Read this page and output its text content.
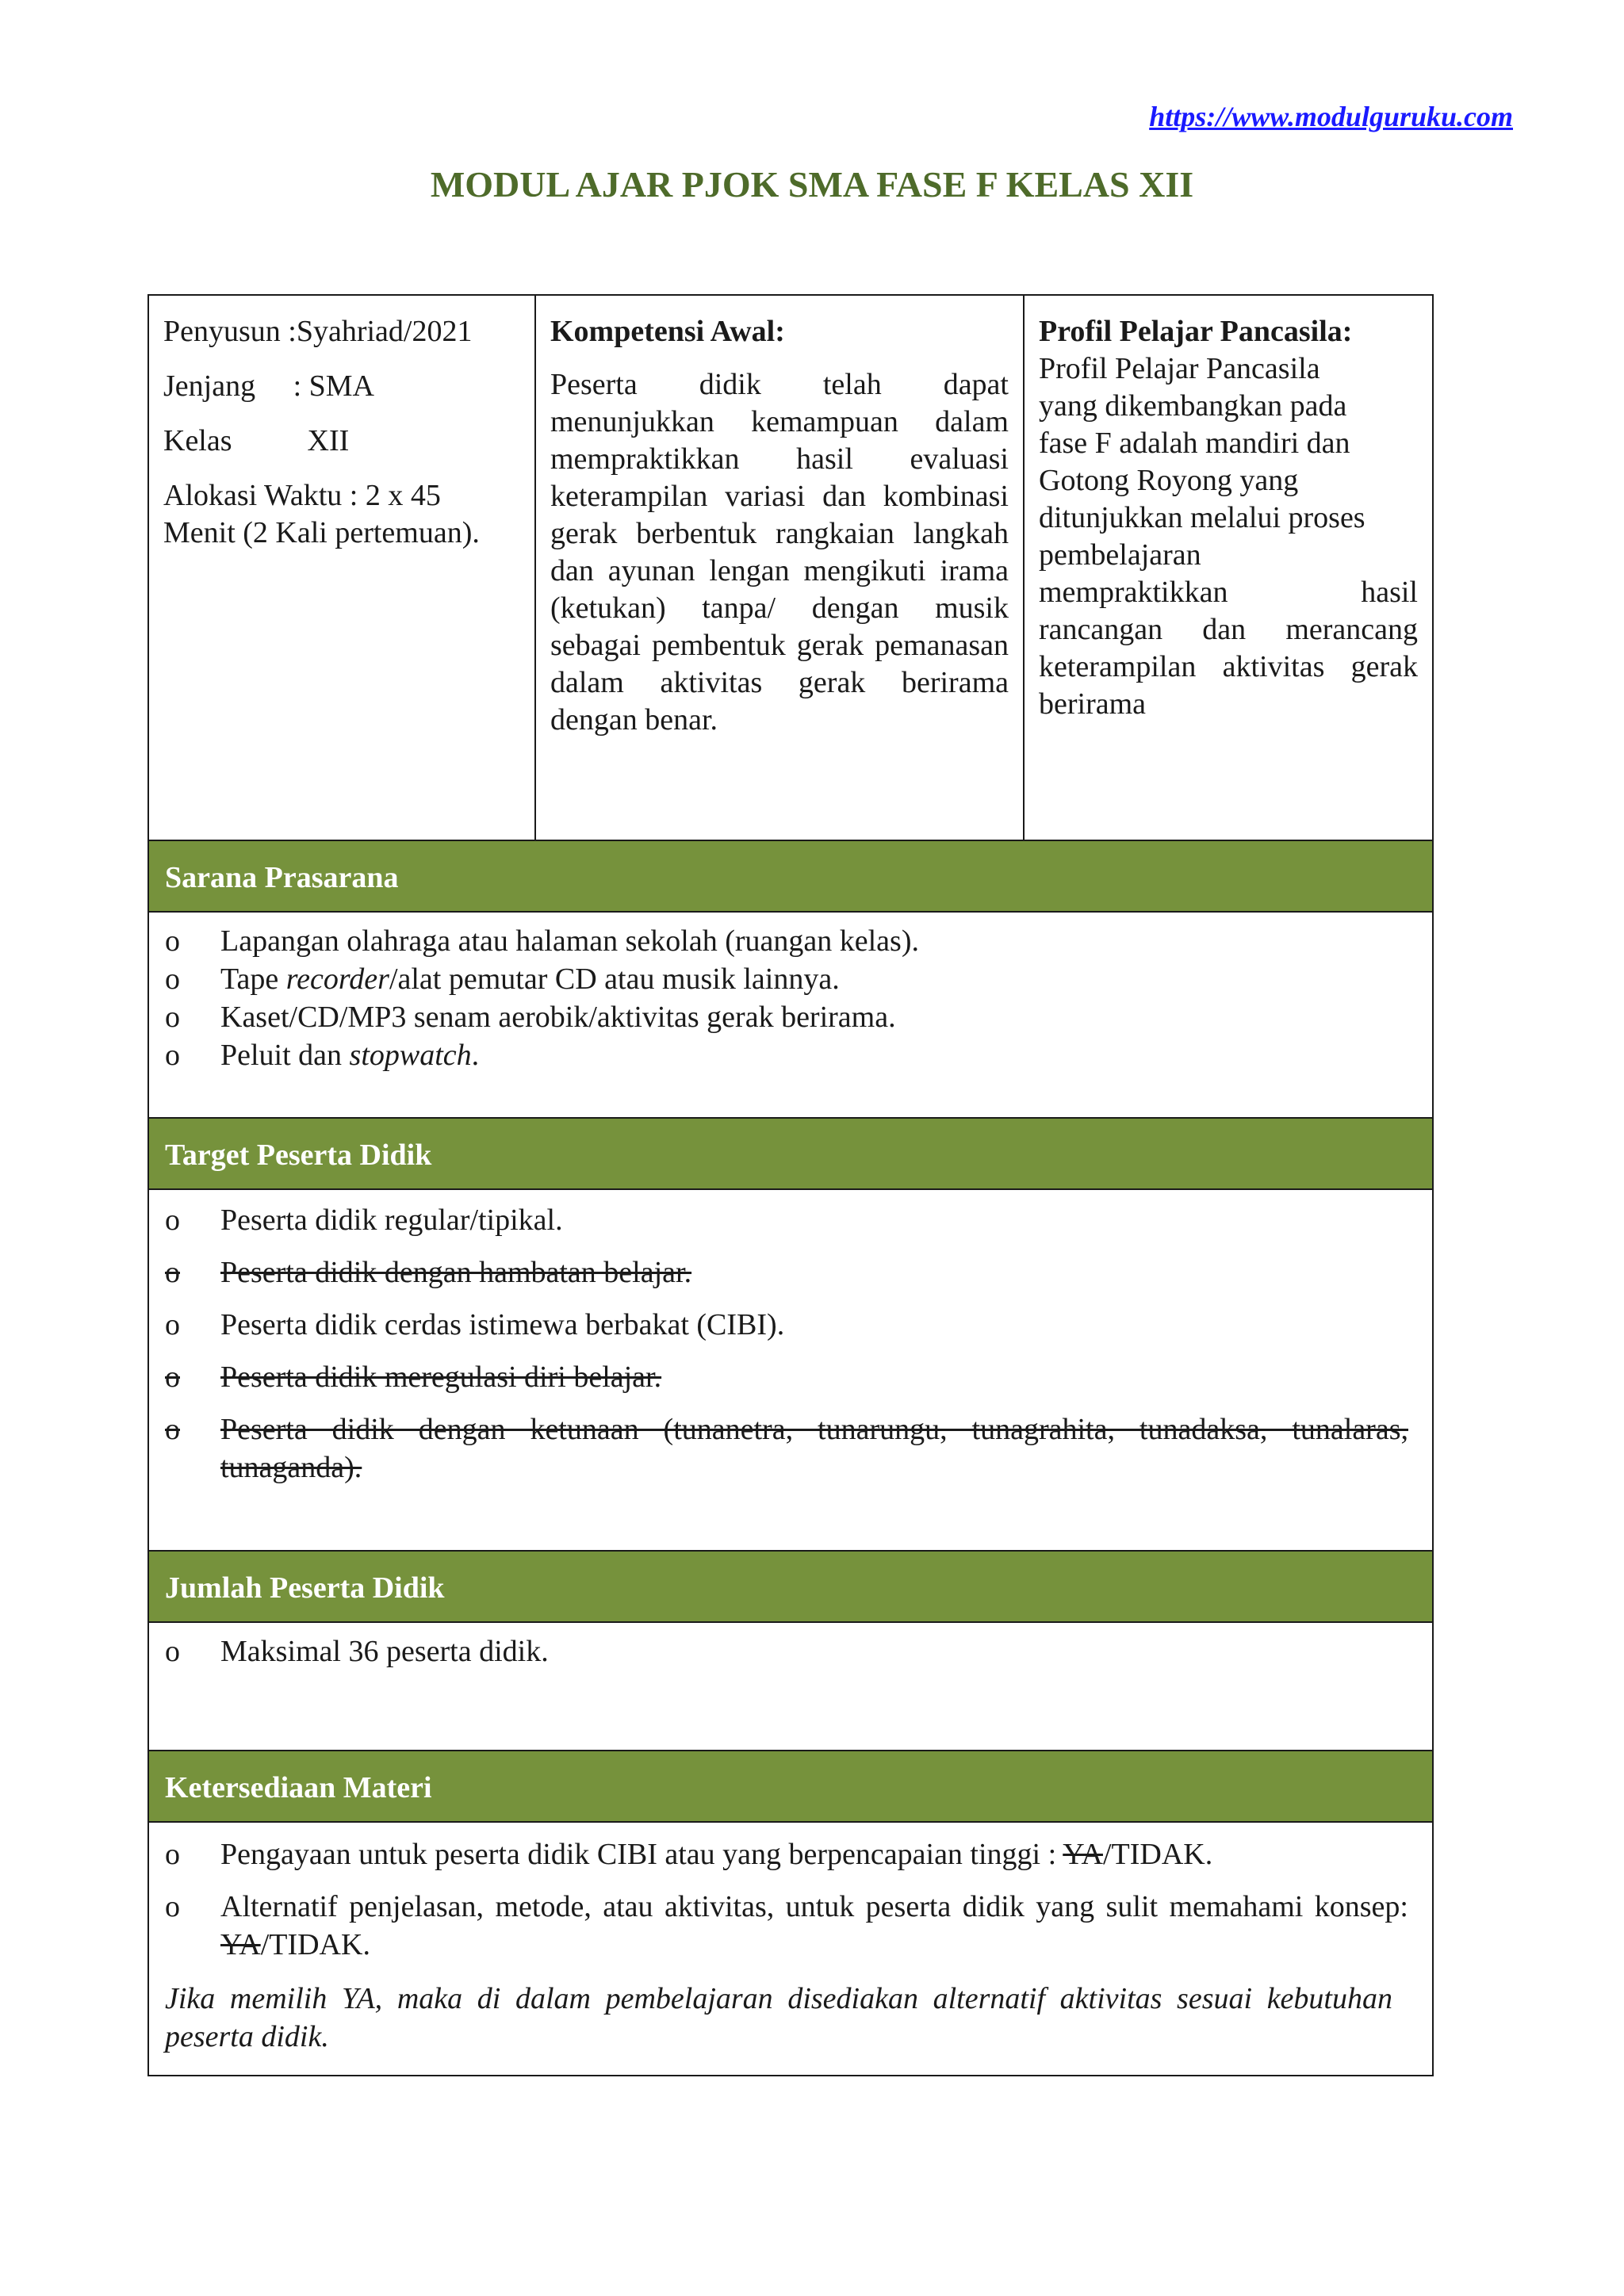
https://www.modulguruku.com
MODUL AJAR PJOK SMA FASE F KELAS XII

Penyusun :Syahriad/2021

Jenjang     : SMA

Kelas          XII

Alokasi Waktu : 2 x 45 Menit (2 Kali pertemuan).

Kompetensi Awal:

Peserta didik telah dapat menunjukkan kemampuan dalam mempraktikkan hasil evaluasi keterampilan variasi dan kombinasi gerak berbentuk rangkaian langkah dan ayunan lengan mengikuti irama (ketukan) tanpa/ dengan musik sebagai pembentuk gerak pemanasan dalam aktivitas gerak berirama dengan benar.

Profil Pelajar Pancasila:

Profil Pelajar Pancasila
yang dikembangkan pada
fase F adalah mandiri dan
Gotong Royong yang
ditunjukkan melalui proses
pembelajaran

mempraktikkan hasil rancangan dan merancang keterampilan aktivitas gerak berirama

Sarana Prasarana
o Lapangan olahraga atau halaman sekolah (ruangan kelas).
o Tape recorder/alat pemutar CD atau musik lainnya.
o Kaset/CD/MP3 senam aerobik/aktivitas gerak berirama.
o Peluit dan stopwatch.
Target Peserta Didik
o Peserta didik regular/tipikal.
o Peserta didik dengan hambatan belajar.
o Peserta didik cerdas istimewa berbakat (CIBI).
o Peserta didik meregulasi diri belajar.
o Peserta didik dengan ketunaan (tunanetra, tunarungu, tunagrahita, tunadaksa, tunalaras, tunaganda).
Jumlah Peserta Didik
o Maksimal 36 peserta didik.
Ketersediaan Materi
o Pengayaan untuk peserta didik CIBI atau yang berpencapaian tinggi : YA/TIDAK.
o Alternatif penjelasan, metode, atau aktivitas, untuk peserta didik yang sulit memahami konsep: YA/TIDAK.
Jika memilih YA, maka di dalam pembelajaran disediakan alternatif aktivitas sesuai kebutuhan peserta didik.
